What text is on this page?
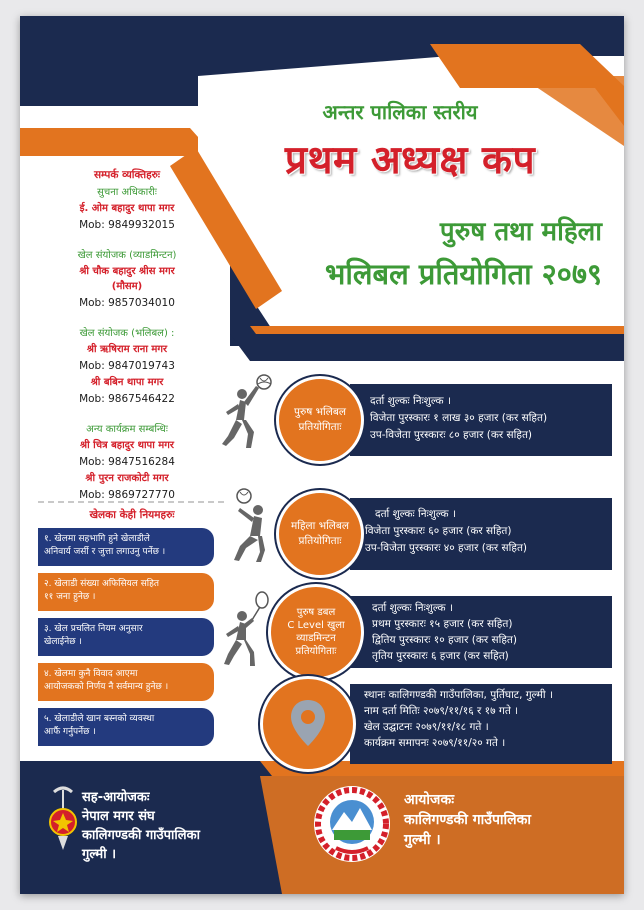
अन्तर पालिका स्तरीय
प्रथम अध्यक्ष कप
पुरुष तथा महिला
भलिबल प्रतियोगिता २०७९
सम्पर्क व्यक्तिहरुः
सुचना अधिकारीः
ई. ओम बहादुर थापा मगर
Mob: 9849932015
खेल संयोजक (व्याडमिन्टन)
श्री चौक बहादुर श्रीस मगर
(मौसम)
Mob: 9857034010
खेल संयोजक (भलिबल) :
श्री ऋषिराम राना मगर
Mob: 9847019743
श्री बबिन थापा मगर
Mob: 9867546422
अन्य कार्यक्रम सम्बन्धिः
श्री चित्र बहादुर थापा मगर
Mob: 9847516284
श्री पुरन राजकोटी मगर
Mob: 9869727770
खेलका केही नियमहरुः
१. खेलमा सहभागि हुने खेलाडीले
अनिवार्य जर्सी र जुत्ता लगाउनु पर्नेछ ।
२. खेलाडी संख्या अफिसियल सहित
११ जना हुनेछ ।
३. खेल प्रचलित नियम अनुसार
खेलाईनेछ ।
४. खेलमा कुनै विवाद आएमा
आयोजकको निर्णय नै सर्वमान्य हुनेछ ।
५. खेलाडीले खान बस्नको व्यवस्था
आफैं गर्नुपर्नेछ ।
पुरुष भलिबल
प्रतियोगिताः
दर्ता शुल्कः निःशुल्क ।
विजेता पुरस्कारः १ लाख ३० हजार (कर सहित)
उप-विजेता पुरस्कारः ८० हजार (कर सहित)
महिला भलिबल
प्रतियोगिताः
दर्ता शुल्कः निःशुल्क ।
विजेता पुरस्कारः ६० हजार (कर सहित)
उप-विजेता पुरस्कारः ४० हजार (कर सहित)
पुरुष डबल
C Level खुला
व्याडमिन्टन
प्रतियोगिताः
दर्ता शुल्कः निःशुल्क ।
प्रथम पुरस्कारः १५ हजार (कर सहित)
द्वितिय पुरस्कारः १० हजार (कर सहित)
तृतिय पुरस्कारः ६ हजार (कर सहित)
स्थानः कालिगण्डकी गाउँपालिका, पुर्तिघाट, गुल्मी ।
नाम दर्ता मितिः २०७९/११/१६ र १७ गते ।
खेल उद्घाटनः २०७९/११/१८ गते ।
कार्यक्रम समापनः २०७९/११/२० गते ।
सह-आयोजकः
नेपाल मगर संघ
कालिगण्डकी गाउँपालिका
गुल्मी ।
आयोजकः
कालिगण्डकी गाउँपालिका
गुल्मी ।
